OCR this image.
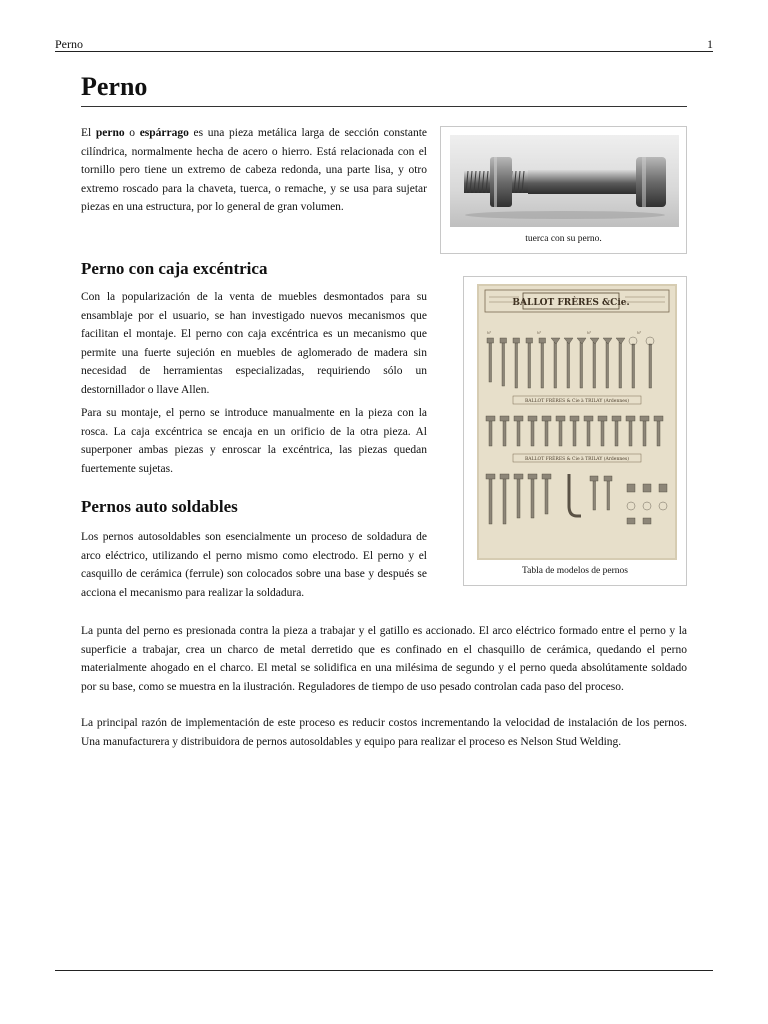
Perno	1
Perno

El perno o espárrago es una pieza metálica larga de sección constante cilíndrica, normalmente hecha de acero o hierro. Está relacionada con el tornillo pero tiene un extremo de cabeza redonda, una parte lisa, y otro extremo roscado para la chaveta, tuerca, o remache, y se usa para sujetar piezas en una estructura, por lo general de gran volumen.

Perno con caja excéntrica

Con la popularización de la venta de muebles desmontados para su ensamblaje por el usuario, se han investigado nuevos mecanismos que facilitan el montaje. El perno con caja excéntrica es un mecanismo que permite una fuerte sujeción en muebles de aglomerado de madera sin necesidad de herramientas especializadas, requiriendo sólo un destornillador o llave Allen.

Para su montaje, el perno se introduce manualmente en la pieza con la rosca. La caja excéntrica se encaja en un orificio de la otra pieza. Al superponer ambas piezas y enroscar la excéntrica, las piezas quedan fuertemente sujetas.

Pernos auto soldables

Los pernos autosoldables son esencialmente un proceso de soldadura de arco eléctrico, utilizando el perno mismo como electrodo. El perno y el casquillo de cerámica (ferrule) son colocados sobre una base y después se acciona el mecanismo para realizar la soldadura.

La punta del perno es presionada contra la pieza a trabajar y el gatillo es accionado. El arco eléctrico formado entre el perno y la superficie a trabajar, crea un charco de metal derretido que es confinado en el chasquillo de cerámica, quedando el perno materialmente ahogado en el charco. El metal se solidifica en una milésima de segundo y el perno queda absolútamente soldado por su base, como se muestra en la ilustración. Reguladores de tiempo de uso pesado controlan cada paso del proceso.

La principal razón de implementación de este proceso es reducir costos incrementando la velocidad de instalación de los pernos. Una manufacturera y distribuidora de pernos autosoldables y equipo para realizar el proceso es Nelson Stud Welding.

tuerca con su perno.
BALLOT FRÈRES &Cie.
N°	N°	N°	N°
BALLOT FRÈRES & Cie à TRILAY (Ardennes)
BALLOT FRÈRES & Cie à TRILAY (Ardennes)
Tabla de modelos de pernos
